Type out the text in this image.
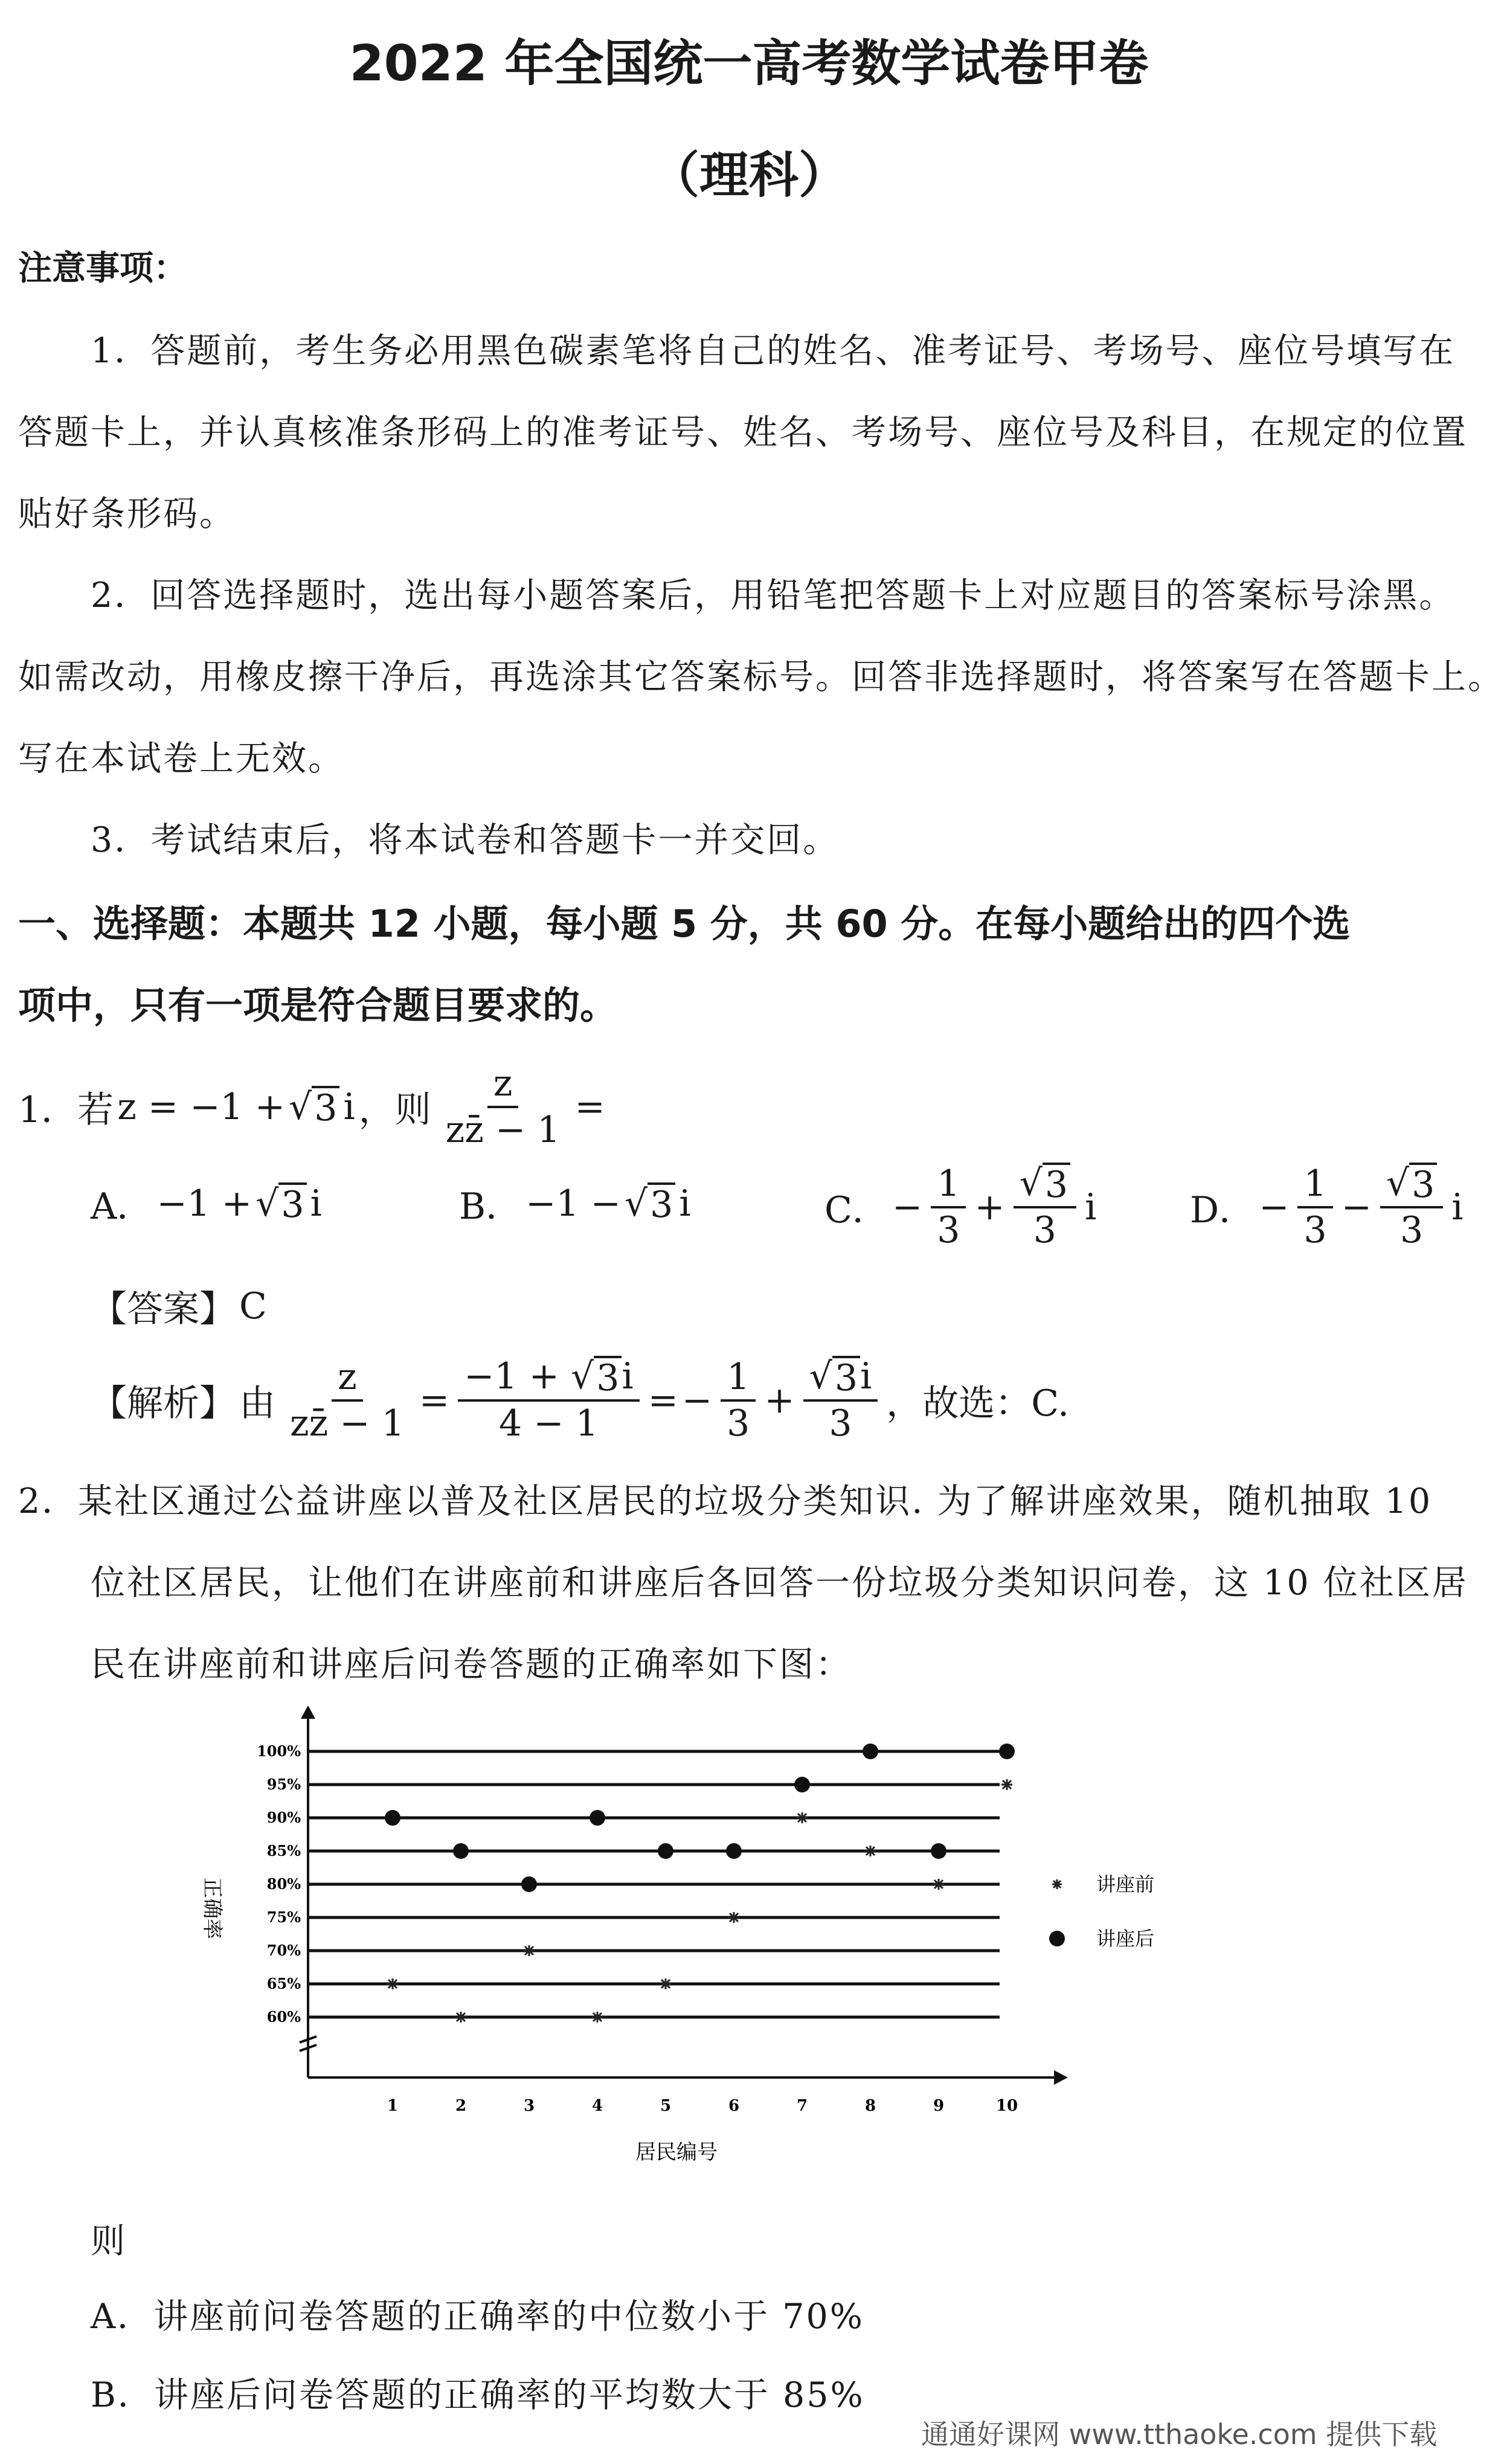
2022 年全国统一高考数学试卷甲卷
（理科）
注意事项：
1．答题前，考生务必用黑色碳素笔将自己的姓名、准考证号、考场号、座位号填写在
答题卡上，并认真核准条形码上的准考证号、姓名、考场号、座位号及科目，在规定的位置
贴好条形码。
2．回答选择题时，选出每小题答案后，用铅笔把答题卡上对应题目的答案标号涂黑。
如需改动，用橡皮擦干净后，再选涂其它答案标号。回答非选择题时，将答案写在答题卡上。
写在本试卷上无效。
3．考试结束后，将本试卷和答题卡一并交回。
一、选择题：本题共 12 小题，每小题 5 分，共 60 分。在每小题给出的四个选
项中，只有一项是符合题目要求的。
1．若 z = −1 + √ 3 i ，则 $\frac{z}{zz̄ - 1}$ =
A． −1 + √ 3 i	B． −1 − √ 3 i	C． − $\frac{1}{3} + \frac{√ 3}{3}$ i	D． − $\frac{1}{3} - \frac{√ 3}{3}$ i
【答案】 C
【解析】 由 $\frac{z}{zz̄ - 1} = \frac{-1 + √ 3 i}{4 - 1}$ = − $\frac{1}{3} + \frac{√ 3 i}{3}$ ，故选：C.
2．某社区通过公益讲座以普及社区居民的垃圾分类知识. 为了解讲座效果，随机抽取 10
位社区居民，让他们在讲座前和讲座后各回答一份垃圾分类知识问卷，这 10 位社区居
民在讲座前和讲座后问卷答题的正确率如下图：
60%
65%
70%
75%
80%
85%
90%
95%
100%
1	2	3	4	5	6	7	8	9	10
居民编号
正确率	讲座前
讲座后
则
A．讲座前问卷答题的正确率的中位数小于 70%
B．讲座后问卷答题的正确率的平均数大于 85%
通通好课网 www.tthaoke.com 提供下载
